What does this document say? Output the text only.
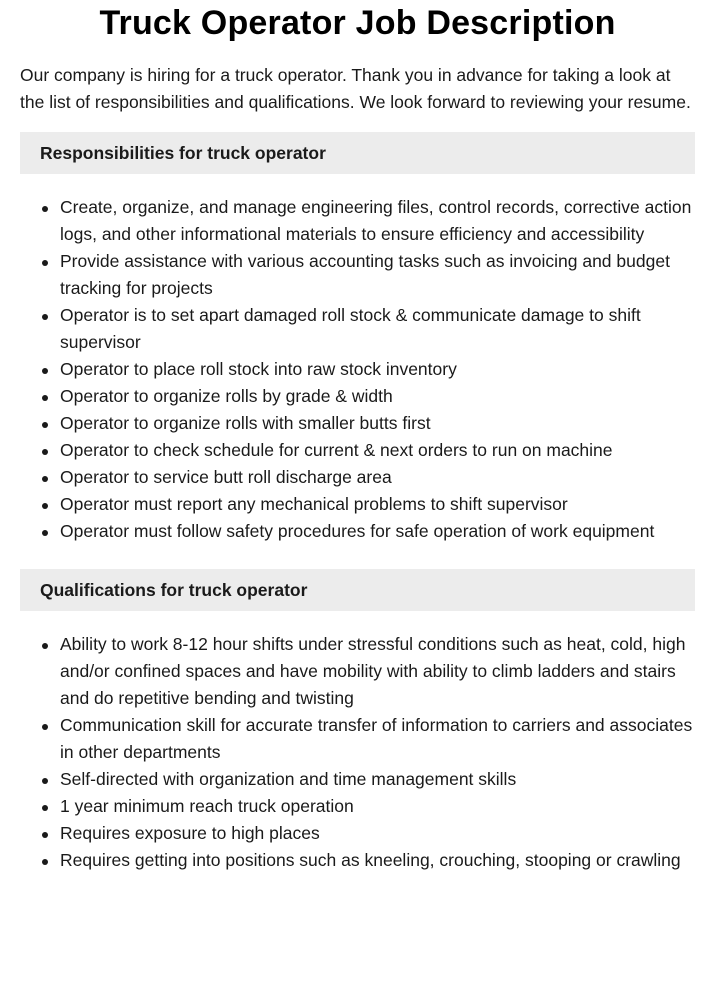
Truck Operator Job Description

Our company is hiring for a truck operator. Thank you in advance for taking a look at the list of responsibilities and qualifications. We look forward to reviewing your resume.

Responsibilities for truck operator
Create, organize, and manage engineering files, control records, corrective action logs, and other informational materials to ensure efficiency and accessibility
Provide assistance with various accounting tasks such as invoicing and budget tracking for projects
Operator is to set apart damaged roll stock & communicate damage to shift supervisor
Operator to place roll stock into raw stock inventory
Operator to organize rolls by grade & width
Operator to organize rolls with smaller butts first
Operator to check schedule for current & next orders to run on machine
Operator to service butt roll discharge area
Operator must report any mechanical problems to shift supervisor
Operator must follow safety procedures for safe operation of work equipment
Qualifications for truck operator
Ability to work 8-12 hour shifts under stressful conditions such as heat, cold, high and/or confined spaces and have mobility with ability to climb ladders and stairs and do repetitive bending and twisting
Communication skill for accurate transfer of information to carriers and associates in other departments
Self-directed with organization and time management skills
1 year minimum reach truck operation
Requires exposure to high places
Requires getting into positions such as kneeling, crouching, stooping or crawling
